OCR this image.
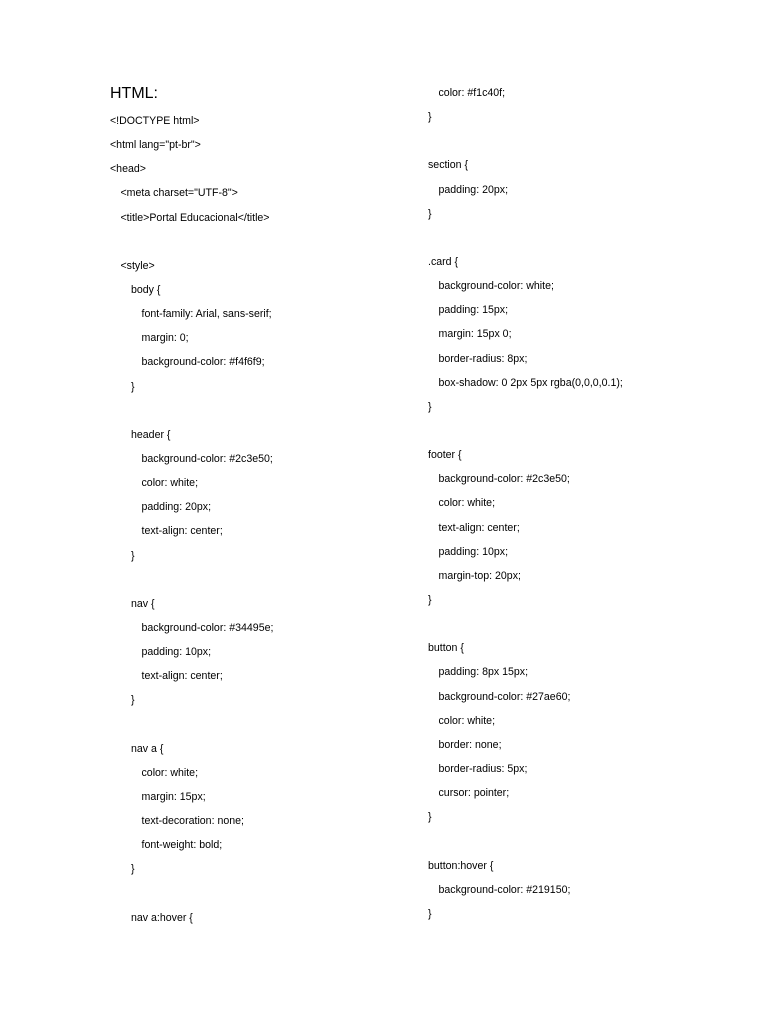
HTML:
<!DOCTYPE html>
<html lang="pt-br">
<head>
<meta charset="UTF-8">
<title>Portal Educacional</title>
<style>
body {
font-family: Arial, sans-serif;
margin: 0;
background-color: #f4f6f9;
}
header {
background-color: #2c3e50;
color: white;
padding: 20px;
text-align: center;
}
nav {
background-color: #34495e;
padding: 10px;
text-align: center;
}
nav a {
color: white;
margin: 15px;
text-decoration: none;
font-weight: bold;
}
nav a:hover {
color: #f1c40f;
}
section {
padding: 20px;
}
.card {
background-color: white;
padding: 15px;
margin: 15px 0;
border-radius: 8px;
box-shadow: 0 2px 5px rgba(0,0,0,0.1);
}
footer {
background-color: #2c3e50;
color: white;
text-align: center;
padding: 10px;
margin-top: 20px;
}
button {
padding: 8px 15px;
background-color: #27ae60;
color: white;
border: none;
border-radius: 5px;
cursor: pointer;
}
button:hover {
background-color: #219150;
}
